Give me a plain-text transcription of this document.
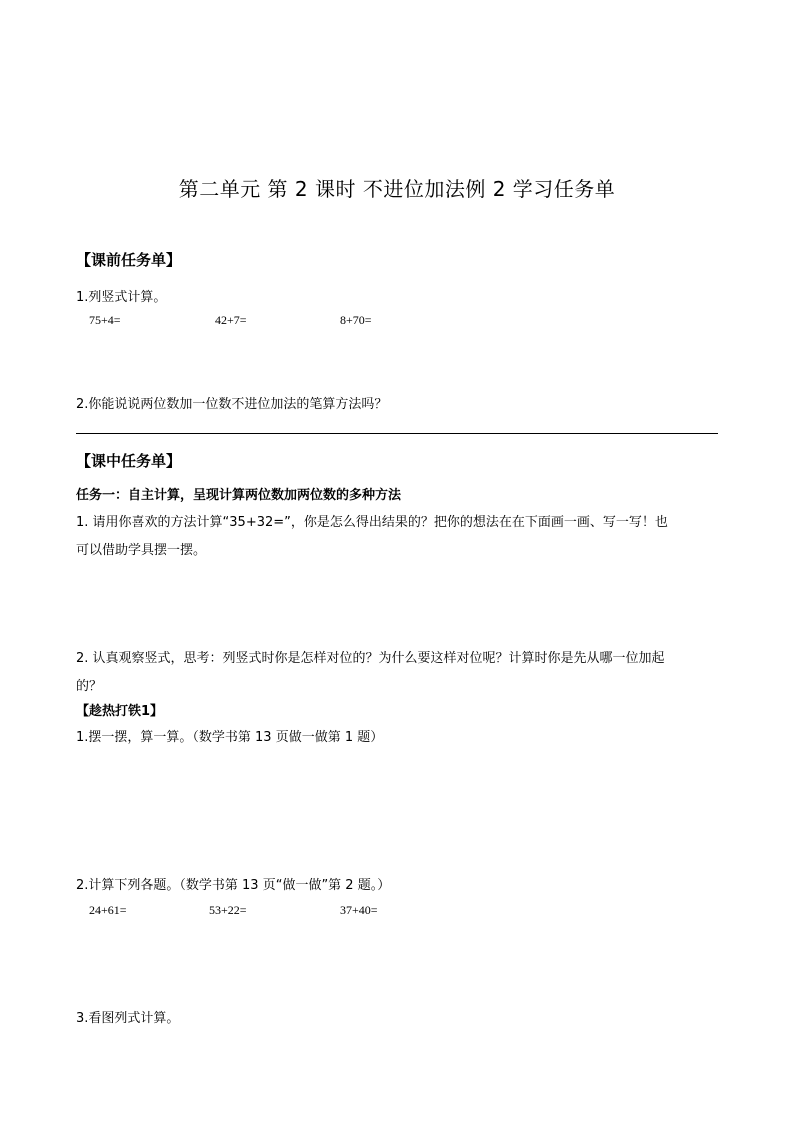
第二单元 第 2 课时 不进位加法例 2 学习任务单
【课前任务单】
1.列竖式计算。
75+4=	42+7=	8+70=
2.你能说说两位数加一位数不进位加法的笔算方法吗？
【课中任务单】
任务一：自主计算，呈现计算两位数加两位数的多种方法
1. 请用你喜欢的方法计算“35+32=”，你是怎么得出结果的？把你的想法在在下面画一画、写一写！也
可以借助学具摆一摆。
2. 认真观察竖式，思考：列竖式时你是怎样对位的？为什么要这样对位呢？计算时你是先从哪一位加起
的？
【趁热打铁1】
1.摆一摆，算一算。（数学书第 13 页做一做第 1 题）
2.计算下列各题。（数学书第 13 页“做一做”第 2 题。）
24+61=	53+22=	37+40=
3.看图列式计算。
